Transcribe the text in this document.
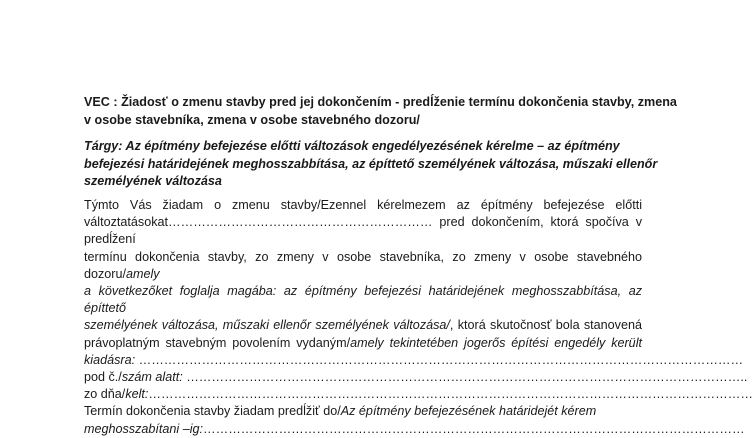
VEC : Žiadosť o zmenu stavby pred jej dokončením - predĺženie termínu dokončenia stavby, zmena
v osobe stavebníka, zmena v osobe stavebného dozoru/
Tárgy: Az építmény befejezése előtti változások engedélyezésének kérelme – az építmény
befejezési határidejének meghosszabbítása, az építtető személyének változása, műszaki ellenőr
személyének változása
Týmto Vás žiadam o zmenu stavby/Ezennel kérelmezem az építmény befejezése előtti
változtatásokat……………………………………………………… pred dokončením, ktorá spočíva v predĺžení
termínu dokončenia stavby, zo zmeny v osobe stavebníka, zo zmeny v osobe stavebného dozoru/amely
a következőket foglalja magába: az építmény befejezési határidejének meghosszabbítása, az építtető
személyének változása, műszaki ellenőr személyének változása/, ktorá skutočnosť bola stanovená
právoplatným stavebným povolením vydaným/amely tekintetében jogerős építési engedély került
kiadásra: ………………………………………………………………………………………………………………………………
pod č./szám alatt: ……………………………………………………………………………………………………………………..
zo dňa/kelt:………………………………………………………………………………………………………………………………
Termín dokončenia stavby žiadam predĺžiť do/Az építmény befejezésének határidejét kérem
meghosszabítani –ig:…………………………………………………………………………………………………………………
